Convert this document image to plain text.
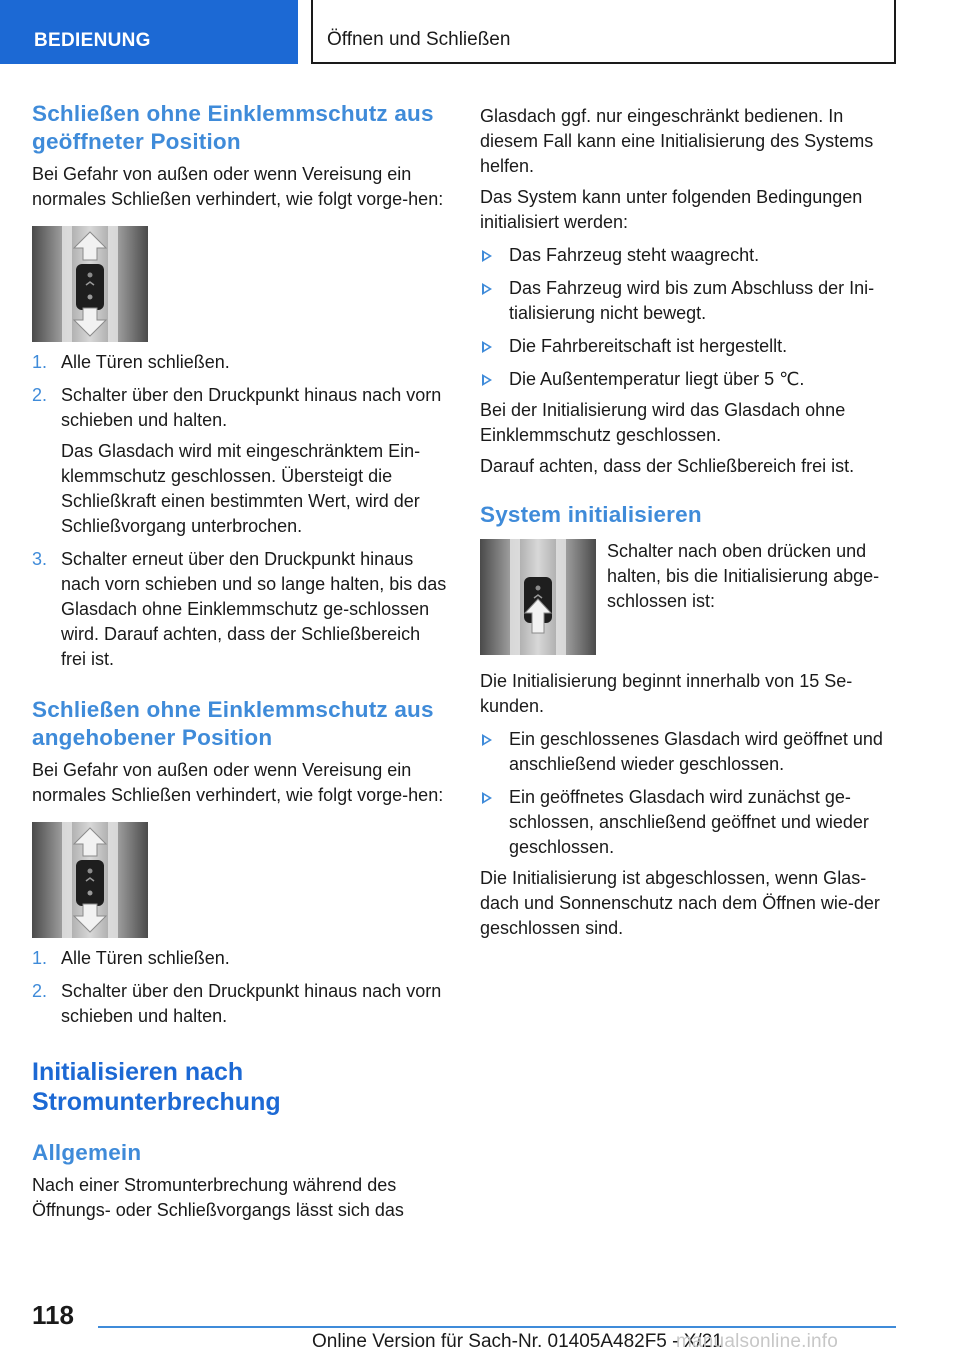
BEDIENUNG	Öffnen und Schließen
Schließen ohne Einklemmschutz aus geöffneter Position

Bei Gefahr von außen oder wenn Vereisung ein normales Schließen verhindert, wie folgt vorge-hen:

1. Alle Türen schließen.
2. Schalter über den Druckpunkt hinaus nach vorn schieben und halten.
Das Glasdach wird mit eingeschränktem Ein-klemmschutz geschlossen. Übersteigt die Schließkraft einen bestimmten Wert, wird der Schließvorgang unterbrochen.
3. Schalter erneut über den Druckpunkt hinaus nach vorn schieben und so lange halten, bis das Glasdach ohne Einklemmschutz ge-schlossen wird. Darauf achten, dass der Schließbereich frei ist.
Schließen ohne Einklemmschutz aus angehobener Position

Bei Gefahr von außen oder wenn Vereisung ein normales Schließen verhindert, wie folgt vorge-hen:

1. Alle Türen schließen.
2. Schalter über den Druckpunkt hinaus nach vorn schieben und halten.
Initialisieren nach
Stromunterbrechung
Allgemein

Nach einer Stromunterbrechung während des Öffnungs- oder Schließvorgangs lässt sich das

Glasdach ggf. nur eingeschränkt bedienen. In diesem Fall kann eine Initialisierung des Systems helfen.

Das System kann unter folgenden Bedingungen initialisiert werden:

Das Fahrzeug steht waagrecht.
Das Fahrzeug wird bis zum Abschluss der Ini-tialisierung nicht bewegt.
Die Fahrbereitschaft ist hergestellt.
Die Außentemperatur liegt über 5 ℃.

Bei der Initialisierung wird das Glasdach ohne Einklemmschutz geschlossen.

Darauf achten, dass der Schließbereich frei ist.

System initialisieren

Schalter nach oben drücken und halten, bis die Initialisierung abge-schlossen ist:

Die Initialisierung beginnt innerhalb von 15 Se-kunden.

Ein geschlossenes Glasdach wird geöffnet und anschließend wieder geschlossen.
Ein geöffnetes Glasdach wird zunächst ge-schlossen, anschließend geöffnet und wieder geschlossen.

Die Initialisierung ist abgeschlossen, wenn Glas-dach und Sonnenschutz nach dem Öffnen wie-der geschlossen sind.

118
Online Version für Sach-Nr. 01405A482F5 - X/21
manualsonline.info
